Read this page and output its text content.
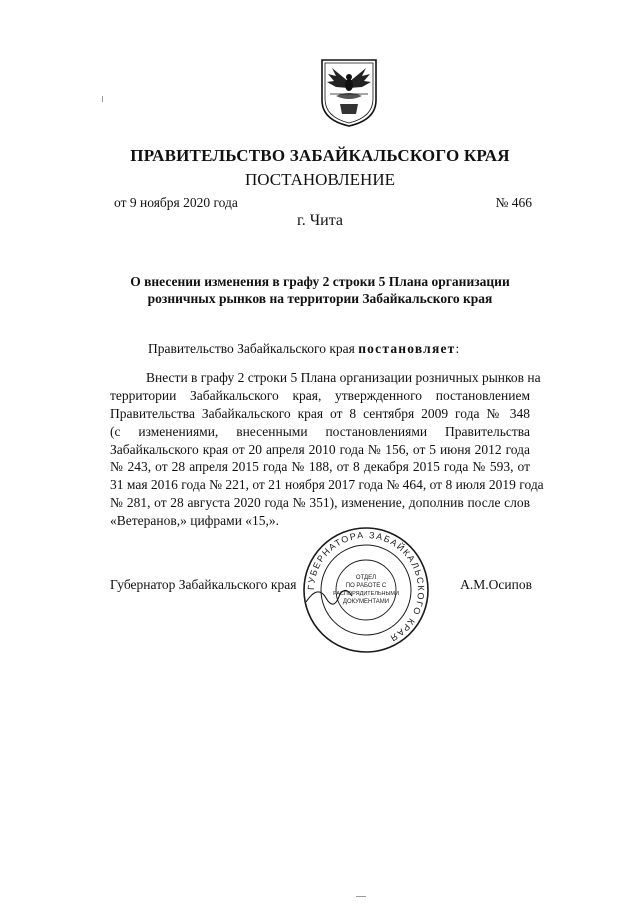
ПРАВИТЕЛЬСТВО ЗАБАЙКАЛЬСКОГО КРАЯ
ПОСТАНОВЛЕНИЕ
от 9 ноября 2020 года	№ 466
г. Чита
О внесении изменения в графу 2 строки 5 Плана организации
розничных рынков на территории Забайкальского края
Правительство Забайкальского края постановляет:
Внести в графу 2 строки 5 Плана организации розничных рынков на
территории Забайкальского края, утвержденного постановлением
Правительства Забайкальского края от 8 сентября 2009 года № 348
(с изменениями, внесенными постановлениями Правительства
Забайкальского края от 20 апреля 2010 года № 156, от 5 июня 2012 года
№ 243, от 28 апреля 2015 года № 188, от 8 декабря 2015 года № 593, от
31 мая 2016 года № 221, от 21 ноября 2017 года № 464, от 8 июля 2019 года
№ 281, от 28 августа 2020 года № 351), изменение, дополнив после слов
«Ветеранов,» цифрами «15,».
Губернатор Забайкальского края	А.М.Осипов
ГУБЕРНАТОРА ЗАБАЙКАЛЬСКОГО КРАЯ
ОТДЕЛ
ПО РАБОТЕ С
РАСПОРЯДИТЕЛЬНЫМИ
ДОКУМЕНТАМИ
